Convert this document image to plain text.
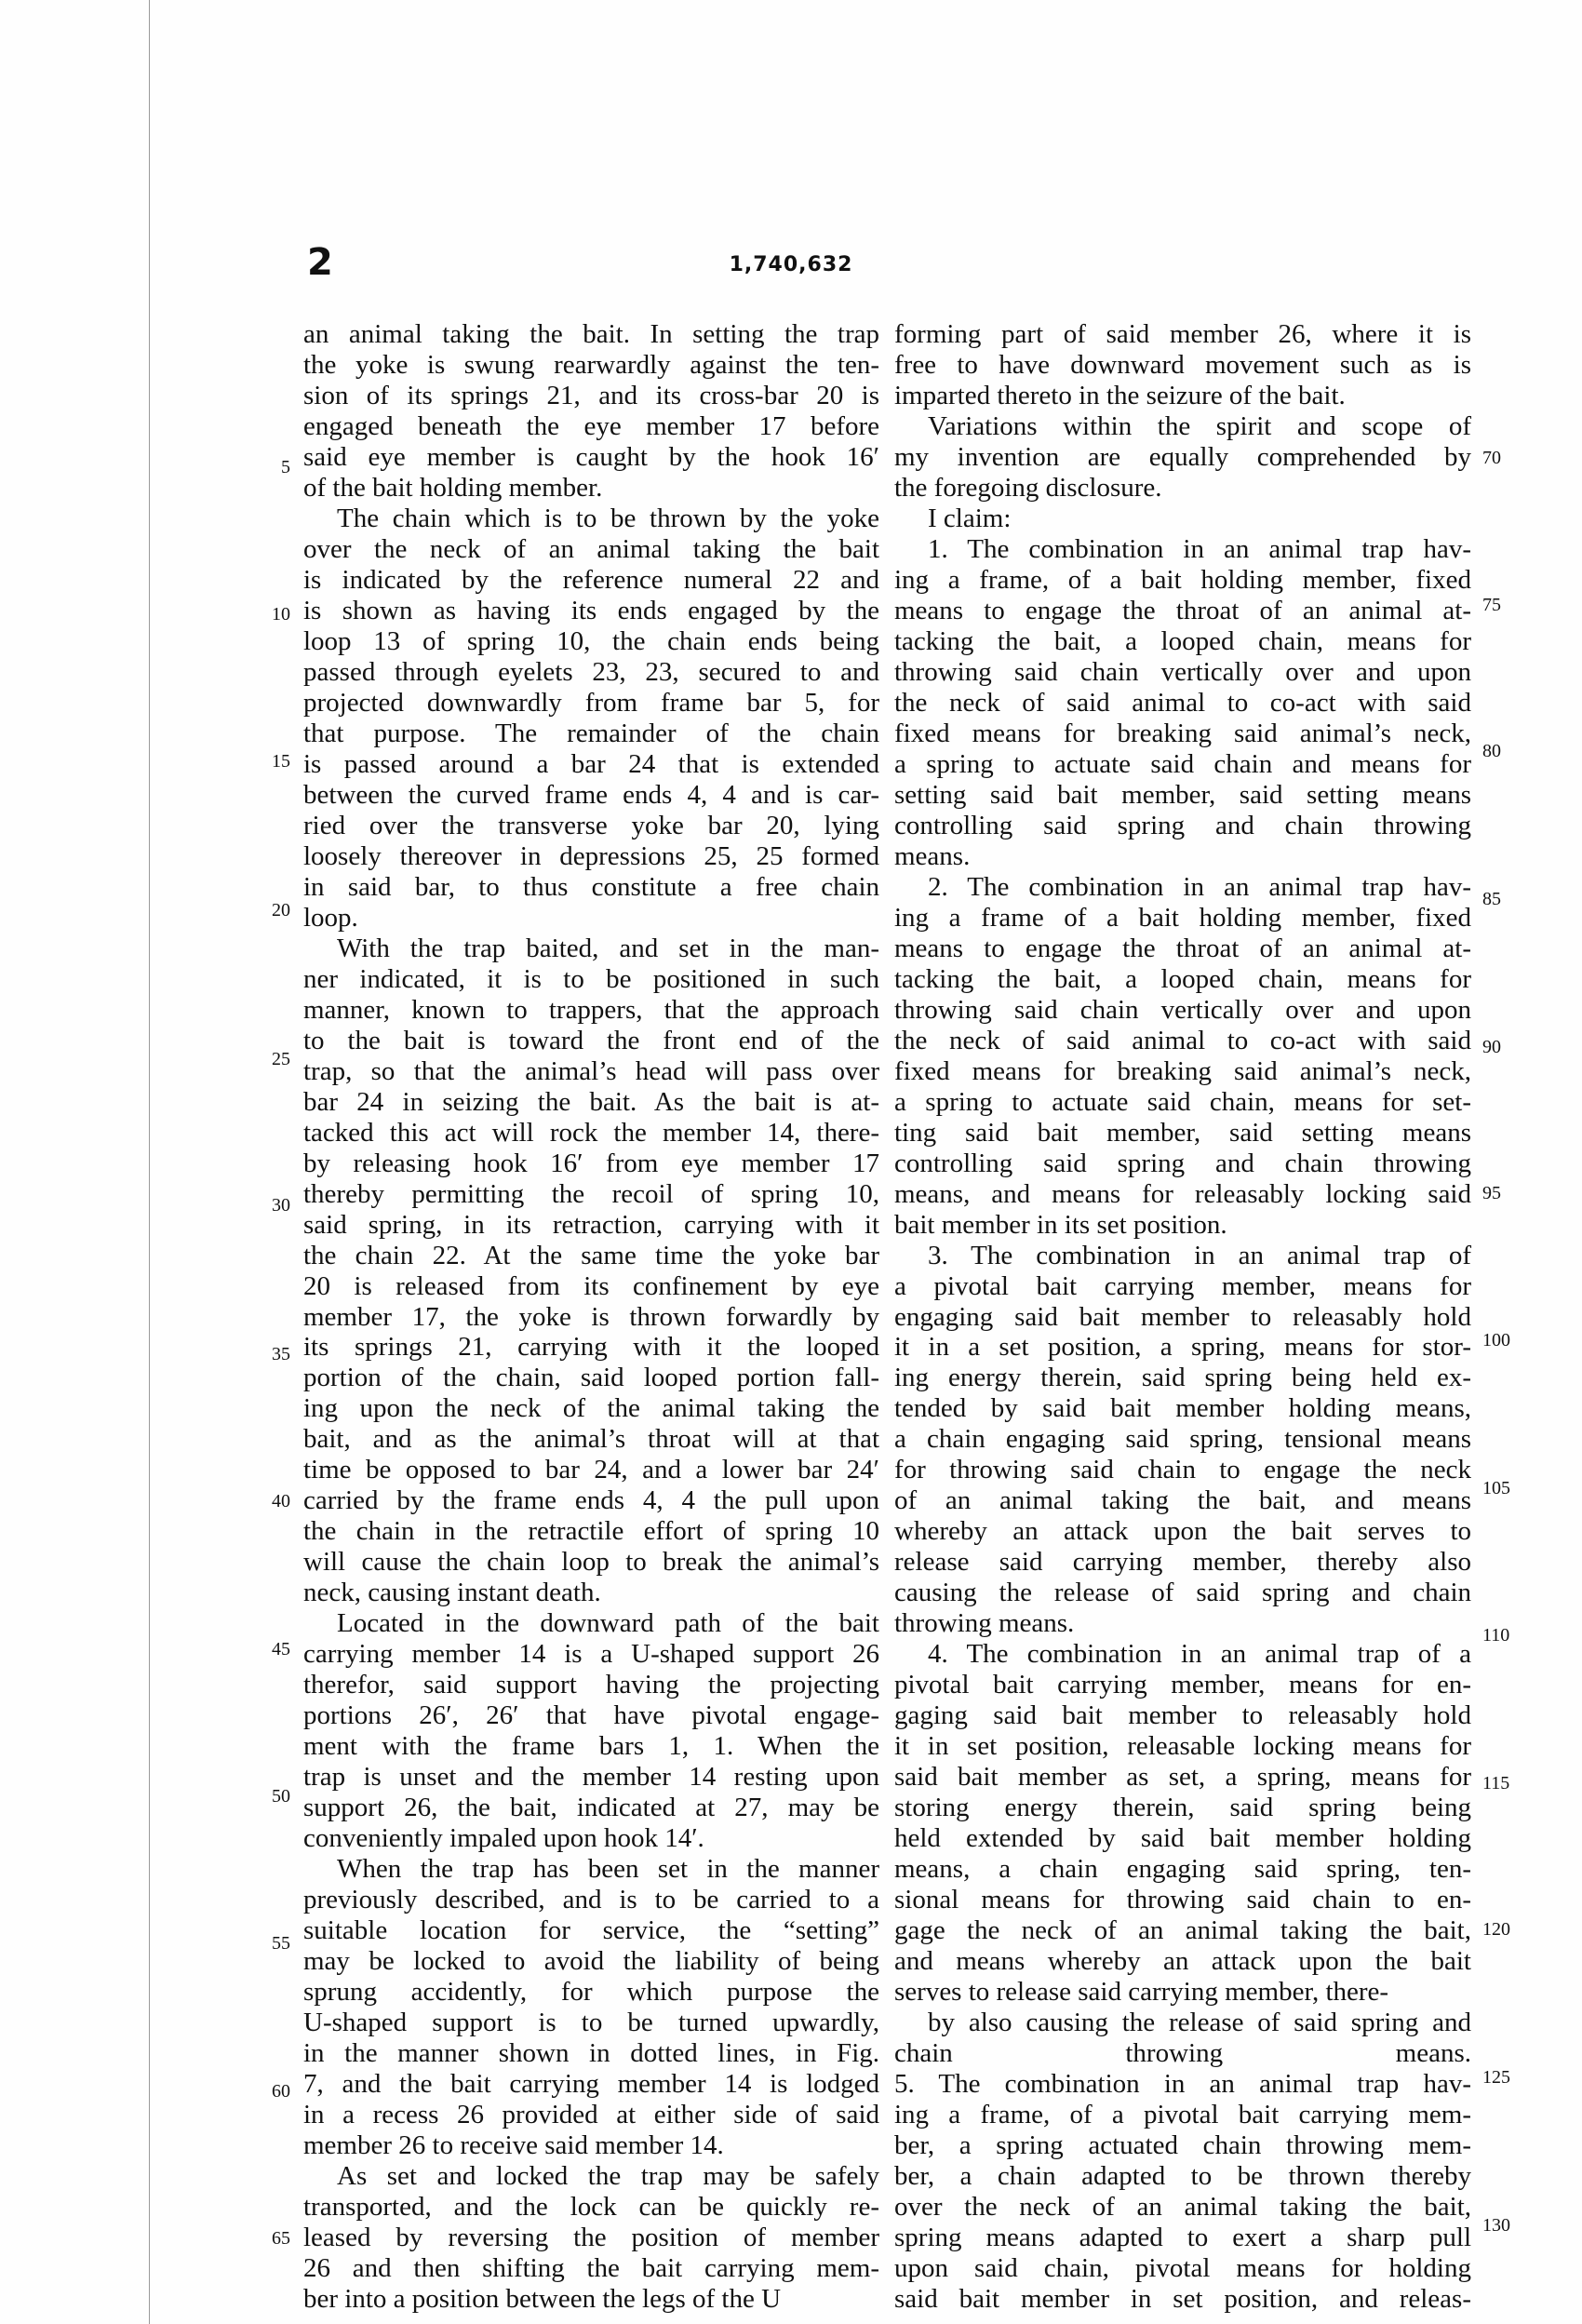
2	1,740,632
an animal taking the bait. In setting the trap
the yoke is swung rearwardly against the ten-
sion of its springs 21, and its cross-bar 20 is
engaged beneath the eye member 17 before
said eye member is caught by the hook 16′
of the bait holding member.
The chain which is to be thrown by the yoke
over the neck of an animal taking the bait
is indicated by the reference numeral 22 and
is shown as having its ends engaged by the
loop 13 of spring 10, the chain ends being
passed through eyelets 23, 23, secured to and
projected downwardly from frame bar 5, for
that purpose. The remainder of the chain
is passed around a bar 24 that is extended
between the curved frame ends 4, 4 and is car-
ried over the transverse yoke bar 20, lying
loosely thereover in depressions 25, 25 formed
in said bar, to thus constitute a free chain
loop.
With the trap baited, and set in the man-
ner indicated, it is to be positioned in such
manner, known to trappers, that the approach
to the bait is toward the front end of the
trap, so that the animal’s head will pass over
bar 24 in seizing the bait. As the bait is at-
tacked this act will rock the member 14, there-
by releasing hook 16′ from eye member 17
thereby permitting the recoil of spring 10,
said spring, in its retraction, carrying with it
the chain 22. At the same time the yoke bar
20 is released from its confinement by eye
member 17, the yoke is thrown forwardly by
its springs 21, carrying with it the looped
portion of the chain, said looped portion fall-
ing upon the neck of the animal taking the
bait, and as the animal’s throat will at that
time be opposed to bar 24, and a lower bar 24′
carried by the frame ends 4, 4 the pull upon
the chain in the retractile effort of spring 10
will cause the chain loop to break the animal’s
neck, causing instant death.
Located in the downward path of the bait
carrying member 14 is a U-shaped support 26
therefor, said support having the projecting
portions 26′, 26′ that have pivotal engage-
ment with the frame bars 1, 1. When the
trap is unset and the member 14 resting upon
support 26, the bait, indicated at 27, may be
conveniently impaled upon hook 14′.
When the trap has been set in the manner
previously described, and is to be carried to a
suitable location for service, the “setting”
may be locked to avoid the liability of being
sprung accidently, for which purpose the
U-shaped support is to be turned upwardly,
in the manner shown in dotted lines, in Fig.
7, and the bait carrying member 14 is lodged
in a recess 26 provided at either side of said
member 26 to receive said member 14.
As set and locked the trap may be safely
transported, and the lock can be quickly re-
leased by reversing the position of member
26 and then shifting the bait carrying mem-
ber into a position between the legs of the U
forming part of said member 26, where it is
free to have downward movement such as is
imparted thereto in the seizure of the bait.
Variations within the spirit and scope of
my invention are equally comprehended by
the foregoing disclosure.
I claim:
1. The combination in an animal trap hav-
ing a frame, of a bait holding member, fixed
means to engage the throat of an animal at-
tacking the bait, a looped chain, means for
throwing said chain vertically over and upon
the neck of said animal to co-act with said
fixed means for breaking said animal’s neck,
a spring to actuate said chain and means for
setting said bait member, said setting means
controlling said spring and chain throwing
means.
2. The combination in an animal trap hav-
ing a frame of a bait holding member, fixed
means to engage the throat of an animal at-
tacking the bait, a looped chain, means for
throwing said chain vertically over and upon
the neck of said animal to co-act with said
fixed means for breaking said animal’s neck,
a spring to actuate said chain, means for set-
ting said bait member, said setting means
controlling said spring and chain throwing
means, and means for releasably locking said
bait member in its set position.
3. The combination in an animal trap of
a pivotal bait carrying member, means for
engaging said bait member to releasably hold
it in a set position, a spring, means for stor-
ing energy therein, said spring being held ex-
tended by said bait member holding means,
a chain engaging said spring, tensional means
for throwing said chain to engage the neck
of an animal taking the bait, and means
whereby an attack upon the bait serves to
release said carrying member, thereby also
causing the release of said spring and chain
throwing means.
4. The combination in an animal trap of a
pivotal bait carrying member, means for en-
gaging said bait member to releasably hold
it in set position, releasable locking means for
said bait member as set, a spring, means for
storing energy therein, said spring being
held extended by said bait member holding
means, a chain engaging said spring, ten-
sional means for throwing said chain to en-
gage the neck of an animal taking the bait,
and means whereby an attack upon the bait
serves to release said carrying member, there-
by also causing the release of said spring and
chain throwing means.
5. The combination in an animal trap hav-
ing a frame, of a pivotal bait carrying mem-
ber, a spring actuated chain throwing mem-
ber, a chain adapted to be thrown thereby
over the neck of an animal taking the bait,
spring means adapted to exert a sharp pull
upon said chain, pivotal means for holding
said bait member in set position, and releas-
5
10
15
20
25
30
35
40
45
50
55
60
65
70
75
80
85
90
95
100
105
110
115
120
125
130
